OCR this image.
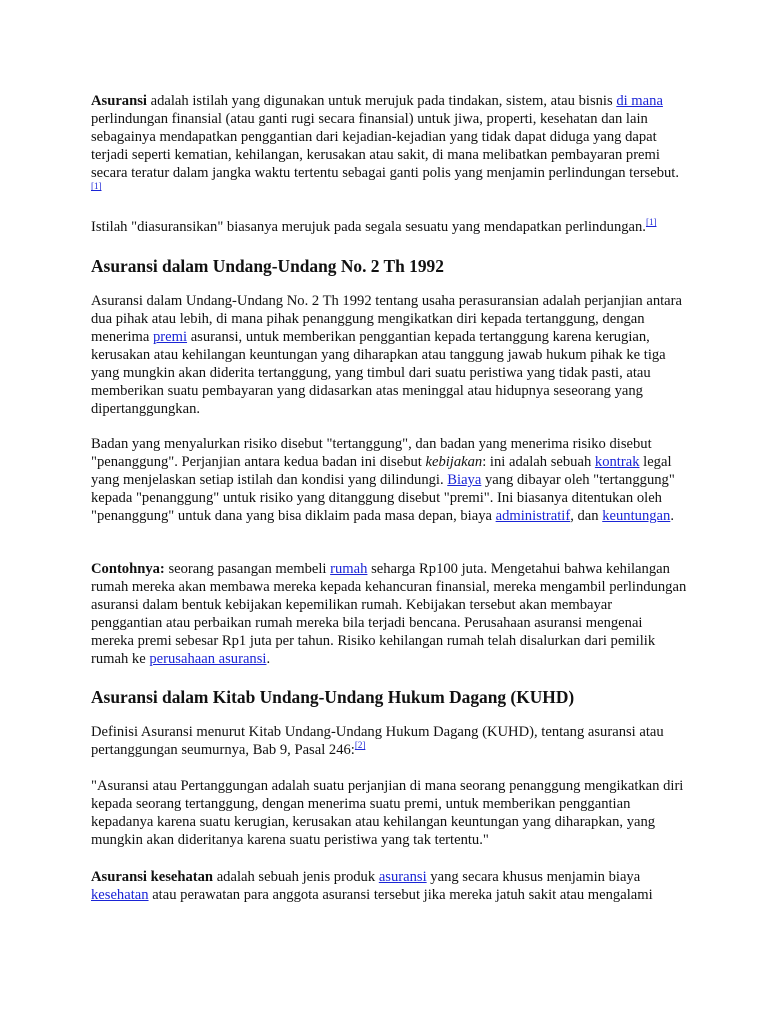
Asuransi adalah istilah yang digunakan untuk merujuk pada tindakan, sistem, atau bisnis di mana perlindungan finansial (atau ganti rugi secara finansial) untuk jiwa, properti, kesehatan dan lain sebagainya mendapatkan penggantian dari kejadian-kejadian yang tidak dapat diduga yang dapat terjadi seperti kematian, kehilangan, kerusakan atau sakit, di mana melibatkan pembayaran premi secara teratur dalam jangka waktu tertentu sebagai ganti polis yang menjamin perlindungan tersebut.[1]

Istilah "diasuransikan" biasanya merujuk pada segala sesuatu yang mendapatkan perlindungan.[1]

Asuransi dalam Undang-Undang No. 2 Th 1992

Asuransi dalam Undang-Undang No. 2 Th 1992 tentang usaha perasuransian adalah perjanjian antara dua pihak atau lebih, di mana pihak penanggung mengikatkan diri kepada tertanggung, dengan menerima premi asuransi, untuk memberikan penggantian kepada tertanggung karena kerugian, kerusakan atau kehilangan keuntungan yang diharapkan atau tanggung jawab hukum pihak ke tiga yang mungkin akan diderita tertanggung, yang timbul dari suatu peristiwa yang tidak pasti, atau memberikan suatu pembayaran yang didasarkan atas meninggal atau hidupnya seseorang yang dipertanggungkan.

Badan yang menyalurkan risiko disebut "tertanggung", dan badan yang menerima risiko disebut "penanggung". Perjanjian antara kedua badan ini disebut kebijakan: ini adalah sebuah kontrak legal yang menjelaskan setiap istilah dan kondisi yang dilindungi. Biaya yang dibayar oleh "tertanggung" kepada "penanggung" untuk risiko yang ditanggung disebut "premi". Ini biasanya ditentukan oleh "penanggung" untuk dana yang bisa diklaim pada masa depan, biaya administratif, dan keuntungan.

Contohnya: seorang pasangan membeli rumah seharga Rp100 juta. Mengetahui bahwa kehilangan rumah mereka akan membawa mereka kepada kehancuran finansial, mereka mengambil perlindungan asuransi dalam bentuk kebijakan kepemilikan rumah. Kebijakan tersebut akan membayar penggantian atau perbaikan rumah mereka bila terjadi bencana. Perusahaan asuransi mengenai mereka premi sebesar Rp1 juta per tahun. Risiko kehilangan rumah telah disalurkan dari pemilik rumah ke perusahaan asuransi.

Asuransi dalam Kitab Undang-Undang Hukum Dagang (KUHD)

Definisi Asuransi menurut Kitab Undang-Undang Hukum Dagang (KUHD), tentang asuransi atau pertanggungan seumurnya, Bab 9, Pasal 246:[2]

"Asuransi atau Pertanggungan adalah suatu perjanjian di mana seorang penanggung mengikatkan diri kepada seorang tertanggung, dengan menerima suatu premi, untuk memberikan penggantian kepadanya karena suatu kerugian, kerusakan atau kehilangan keuntungan yang diharapkan, yang mungkin akan dideritanya karena suatu peristiwa yang tak tertentu."

Asuransi kesehatan adalah sebuah jenis produk asuransi yang secara khusus menjamin biaya kesehatan atau perawatan para anggota asuransi tersebut jika mereka jatuh sakit atau mengalami
